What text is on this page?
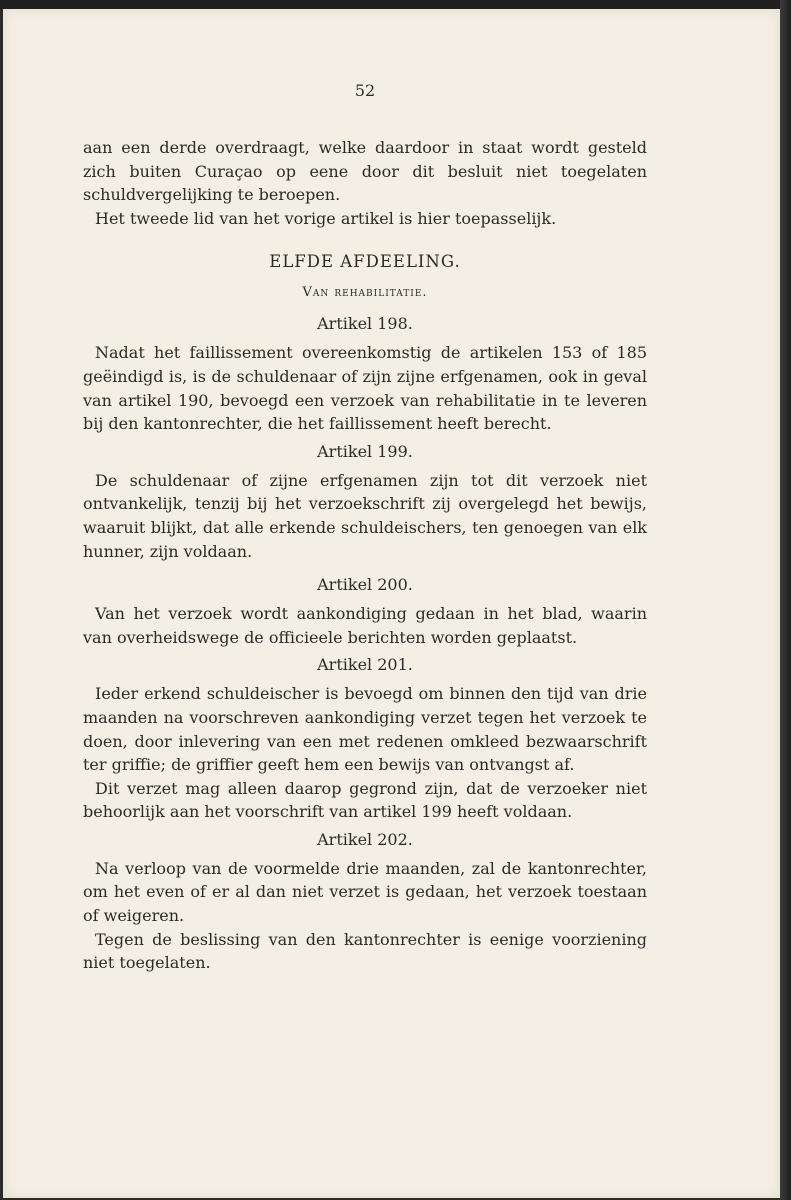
52

aan een derde overdraagt, welke daardoor in staat wordt gesteld zich buiten Curaçao op eene door dit besluit niet toegelaten schuldvergelijking te beroepen.

Het tweede lid van het vorige artikel is hier toepasselijk.

ELFDE AFDEELING.
Van rehabilitatie.
Artikel 198.

Nadat het faillissement overeenkomstig de artikelen 153 of 185 geëindigd is, is de schuldenaar of zijn zijne erfgenamen, ook in geval van artikel 190, bevoegd een verzoek van rehabilitatie in te leveren bij den kantonrechter, die het faillissement heeft berecht.

Artikel 199.

De schuldenaar of zijne erfgenamen zijn tot dit verzoek niet ontvankelijk, tenzij bij het verzoekschrift zij overgelegd het bewijs, waaruit blijkt, dat alle erkende schuldeischers, ten genoegen van elk hunner, zijn voldaan.

Artikel 200.

Van het verzoek wordt aankondiging gedaan in het blad, waarin van overheidswege de officieele berichten worden geplaatst.

Artikel 201.

Ieder erkend schuldeischer is bevoegd om binnen den tijd van drie maanden na voorschreven aankondiging verzet tegen het verzoek te doen, door inlevering van een met redenen omkleed bezwaarschrift ter griffie; de griffier geeft hem een bewijs van ontvangst af.

Dit verzet mag alleen daarop gegrond zijn, dat de verzoeker niet behoorlijk aan het voorschrift van artikel 199 heeft voldaan.

Artikel 202.

Na verloop van de voormelde drie maanden, zal de kantonrechter, om het even of er al dan niet verzet is gedaan, het verzoek toestaan of weigeren.

Tegen de beslissing van den kantonrechter is eenige voorziening niet toegelaten.
